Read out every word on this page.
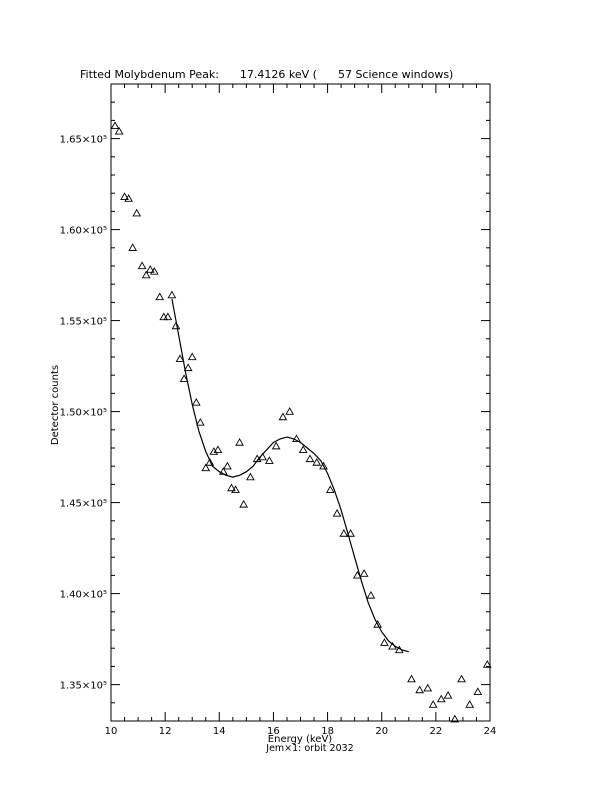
Fitted Molybdenum Peak:      17.4126 keV (      57 Science windows)
10	12	14	16	18	20	22	24
1.35×10⁵
1.40×10⁵
1.45×10⁵
1.50×10⁵
1.55×10⁵
1.60×10⁵
1.65×10⁵
Detector counts
Energy (keV)
Jem×1: orbit 2032
